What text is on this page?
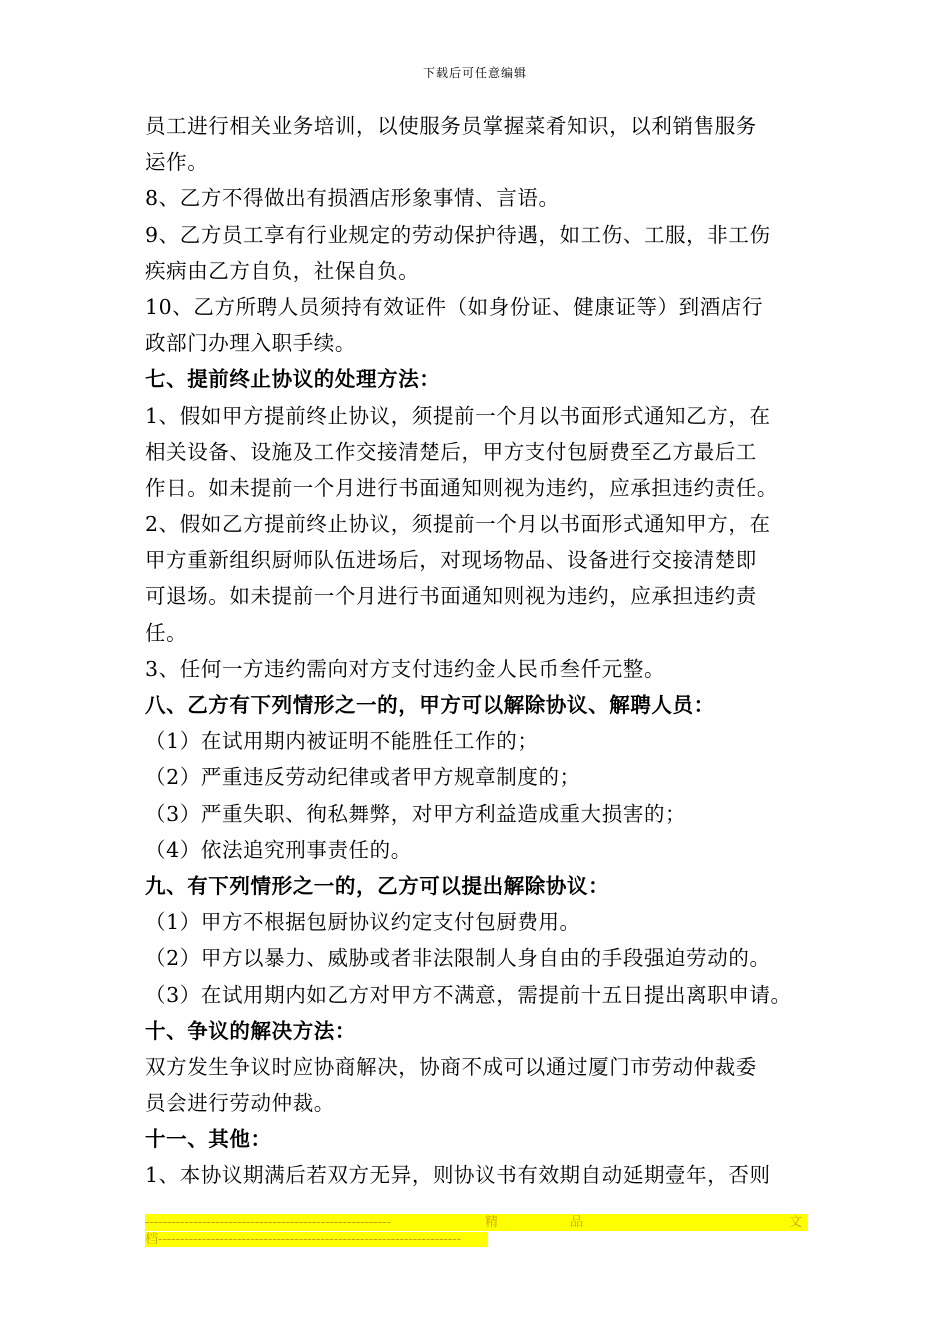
下载后可任意编辑
员工进行相关业务培训，以使服务员掌握菜肴知识，以利销售服务
运作。
8、乙方不得做出有损酒店形象事情、言语。
9、乙方员工享有行业规定的劳动保护待遇，如工伤、工服，非工伤
疾病由乙方自负，社保自负。
10、乙方所聘人员须持有效证件（如身份证、健康证等）到酒店行
政部门办理入职手续。
七、提前终止协议的处理方法：
1、假如甲方提前终止协议，须提前一个月以书面形式通知乙方，在
相关设备、设施及工作交接清楚后，甲方支付包厨费至乙方最后工
作日。如未提前一个月进行书面通知则视为违约，应承担违约责任。
2、假如乙方提前终止协议，须提前一个月以书面形式通知甲方，在
甲方重新组织厨师队伍进场后，对现场物品、设备进行交接清楚即
可退场。如未提前一个月进行书面通知则视为违约，应承担违约责
任。
3、任何一方违约需向对方支付违约金人民币叁仟元整。
八、乙方有下列情形之一的，甲方可以解除协议、解聘人员：
（1）在试用期内被证明不能胜任工作的；
（2）严重违反劳动纪律或者甲方规章制度的；
（3）严重失职、徇私舞弊，对甲方利益造成重大损害的；
（4）依法追究刑事责任的。
九、有下列情形之一的，乙方可以提出解除协议：
（1）甲方不根据包厨协议约定支付包厨费用。
（2）甲方以暴力、威胁或者非法限制人身自由的手段强迫劳动的。
（3）在试用期内如乙方对甲方不满意，需提前十五日提出离职申请。
十、争议的解决方法：
双方发生争议时应协商解决，协商不成可以通过厦门市劳动仲裁委
员会进行劳动仲裁。
十一、其他：
1、本协议期满后若双方无异，则协议书有效期自动延期壹年，否则
--------------------------------------------------------	精	品	文
档---------------------------------------------------------------------
